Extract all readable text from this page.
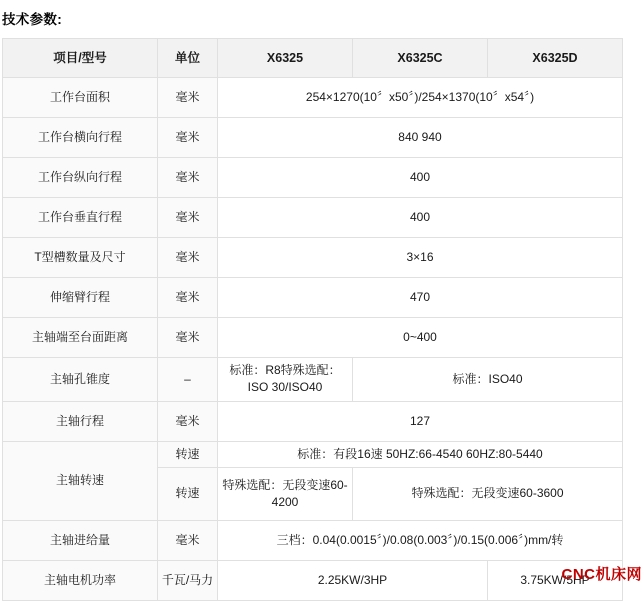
技术参数:
项目/型号	单位	X6325	X6325C	X6325D
工作台面积	毫米	254×1270(10〞x50〞)/254×1370(10〞x54〞)		
工作台横向行程	毫米	840 940		
工作台纵向行程	毫米	400		
工作台垂直行程	毫米	400		
T型槽数量及尺寸	毫米	3×16		
伸缩臂行程	毫米	470		
主轴端至台面距离	毫米	0~400		
主轴孔锥度	–	标准：R8特殊选配：ISO 30/ISO40	标准：ISO40	
主轴行程	毫米	127		
主轴转速	转速	标准：有段16速 50HZ:66-4540 60HZ:80-5440		
	转速	特殊选配：无段变速60-4200	特殊选配：无段变速60-3600	
主轴进给量	毫米	三档：0.04(0.0015〞)/0.08(0.003〞)/0.15(0.006〞)mm/转		
主轴电机功率	千瓦/马力	2.25KW/3HP		3.75KW/5HP
CNC机床网
